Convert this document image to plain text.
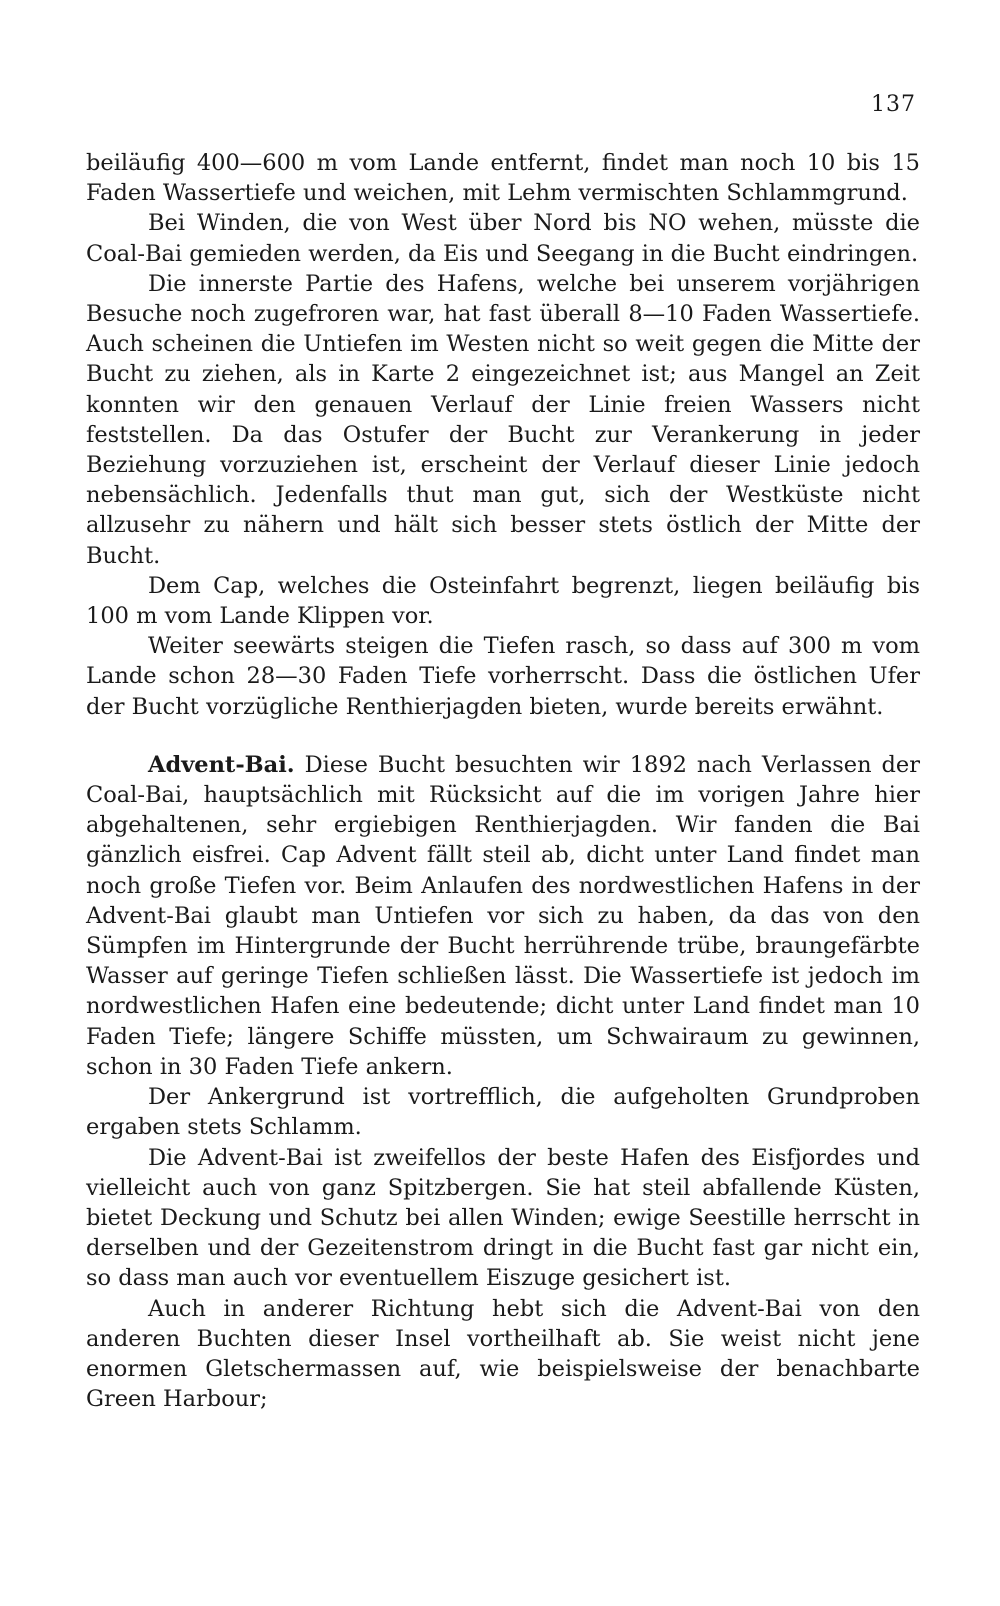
137

beiläufig 400—600 m vom Lande entfernt, findet man noch 10 bis 15 Faden Wassertiefe und weichen, mit Lehm vermischten Schlammgrund.

Bei Winden, die von West über Nord bis NO wehen, müsste die Coal-Bai gemieden werden, da Eis und Seegang in die Bucht eindringen.

Die innerste Partie des Hafens, welche bei unserem vorjährigen Besuche noch zugefroren war, hat fast überall 8—10 Faden Wassertiefe. Auch scheinen die Untiefen im Westen nicht so weit gegen die Mitte der Bucht zu ziehen, als in Karte 2 eingezeichnet ist; aus Mangel an Zeit konnten wir den genauen Verlauf der Linie freien Wassers nicht feststellen. Da das Ostufer der Bucht zur Verankerung in jeder Beziehung vorzuziehen ist, erscheint der Verlauf dieser Linie jedoch nebensächlich. Jedenfalls thut man gut, sich der Westküste nicht allzusehr zu nähern und hält sich besser stets östlich der Mitte der Bucht.

Dem Cap, welches die Osteinfahrt begrenzt, liegen beiläufig bis 100 m vom Lande Klippen vor.

Weiter seewärts steigen die Tiefen rasch, so dass auf 300 m vom Lande schon 28—30 Faden Tiefe vorherrscht. Dass die östlichen Ufer der Bucht vorzügliche Renthierjagden bieten, wurde bereits erwähnt.

Advent-Bai. Diese Bucht besuchten wir 1892 nach Verlassen der Coal-Bai, hauptsächlich mit Rücksicht auf die im vorigen Jahre hier abgehaltenen, sehr ergiebigen Renthierjagden. Wir fanden die Bai gänzlich eisfrei. Cap Advent fällt steil ab, dicht unter Land findet man noch große Tiefen vor. Beim Anlaufen des nordwestlichen Hafens in der Advent-Bai glaubt man Untiefen vor sich zu haben, da das von den Sümpfen im Hintergrunde der Bucht herrührende trübe, braungefärbte Wasser auf geringe Tiefen schließen lässt. Die Wassertiefe ist jedoch im nordwestlichen Hafen eine bedeutende; dicht unter Land findet man 10 Faden Tiefe; längere Schiffe müssten, um Schwairaum zu gewinnen, schon in 30 Faden Tiefe ankern.

Der Ankergrund ist vortrefflich, die aufgeholten Grundproben ergaben stets Schlamm.

Die Advent-Bai ist zweifellos der beste Hafen des Eisfjordes und vielleicht auch von ganz Spitzbergen. Sie hat steil abfallende Küsten, bietet Deckung und Schutz bei allen Winden; ewige Seestille herrscht in derselben und der Gezeitenstrom dringt in die Bucht fast gar nicht ein, so dass man auch vor eventuellem Eiszuge gesichert ist.

Auch in anderer Richtung hebt sich die Advent-Bai von den anderen Buchten dieser Insel vortheilhaft ab. Sie weist nicht jene enormen Gletschermassen auf, wie beispielsweise der benachbarte Green Harbour;
